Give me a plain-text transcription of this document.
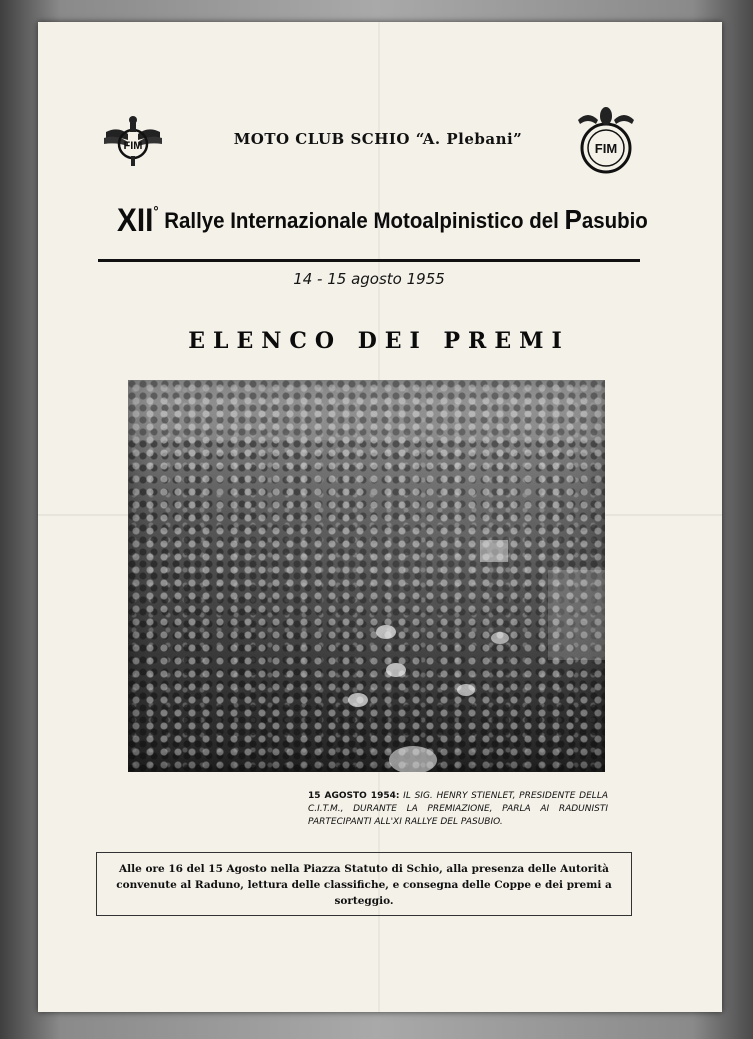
FIM	FIM
MOTO CLUB SCHIO “A. Plebani”
XII° Rallye Internazionale Motoalpinistico del Pasubio
14 - 15 agosto 1955
ELENCO DEI PREMI
15 AGOSTO 1954: IL SIG. HENRY STIENLET, PRESIDENTE DELLA C.I.T.M., DURANTE LA PREMIAZIONE, PARLA AI RADUNISTI PARTECIPANTI ALL'XI RALLYE DEL PASUBIO.
Alle ore 16 del 15 Agosto nella Piazza Statuto di Schio, alla presenza delle Autorità convenute al Raduno, lettura delle classifiche, e consegna delle Coppe e dei premi a sorteggio.
